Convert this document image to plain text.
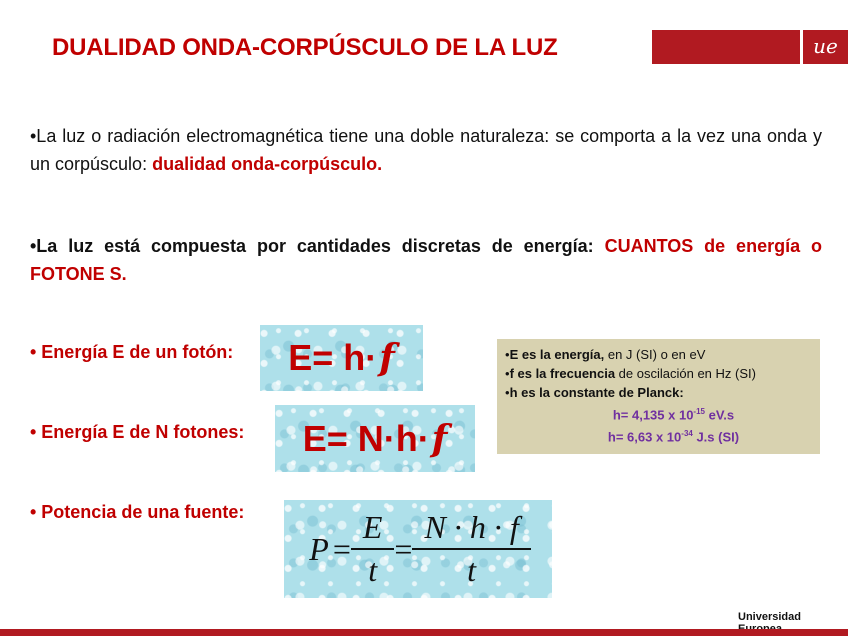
DUALIDAD ONDA-CORPÚSCULO DE LA LUZ	ue
•La luz o radiación electromagnética tiene una doble naturaleza: se comporta a la vez una onda y un corpúsculo: dualidad onda-corpúsculo.
•La luz está compuesta por cantidades discretas de energía: CUANTOS de energía o FOTONE S.
• Energía E de un fotón:
• Energía E de N fotones:
• Potencia de una fuente:
E= h· f
E= N·h· f
$P = \frac{E}{t} = \frac{N \cdot h \cdot f}{t}$
•E es la energía, en J (SI) o en eV
•f es la frecuencia de oscilación en Hz (SI)
•h es la constante de Planck:
h= 4,135 x $10^{-15}$ eV.s
h= 6,63 x $10^{-34}$ J.s (SI)
Universidad
